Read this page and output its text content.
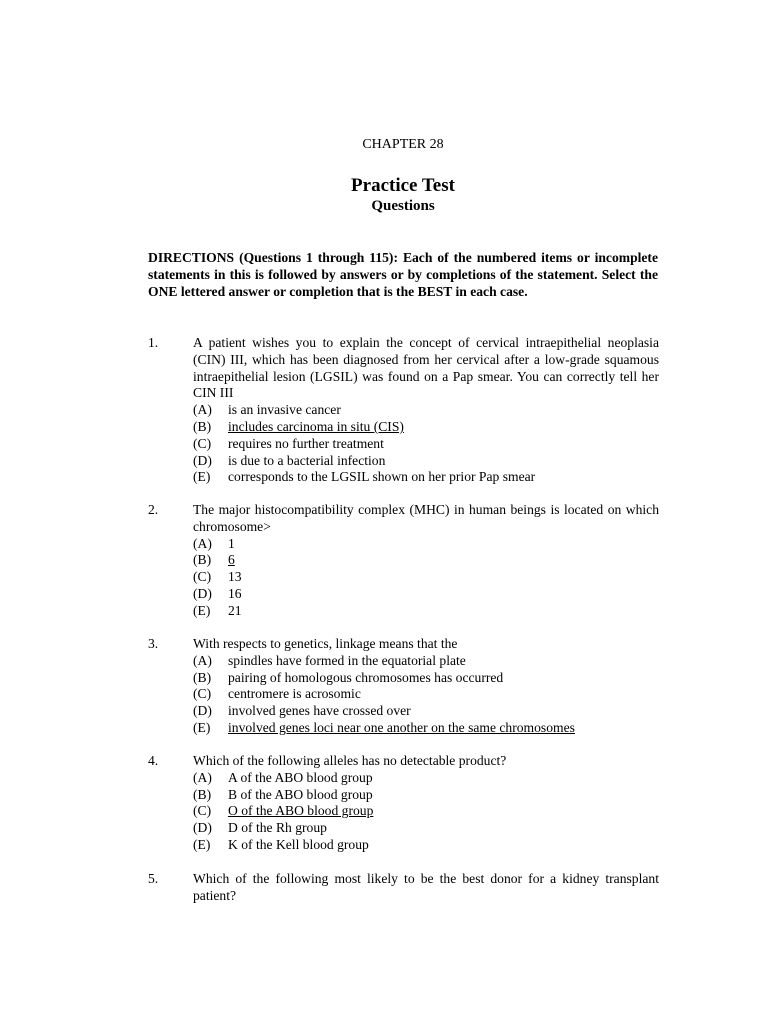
CHAPTER 28
Practice Test
Questions
DIRECTIONS (Questions 1 through 115): Each of the numbered items or incomplete statements in this is followed by answers or by completions of the statement. Select the ONE lettered answer or completion that is the BEST in each case.
1.	A patient wishes you to explain the concept of cervical intraepithelial neoplasia (CIN) III, which has been diagnosed from her cervical after a low-grade squamous intraepithelial lesion (LGSIL) was found on a Pap smear. You can correctly tell her CIN III
(A) is an invasive cancer
(B) includes carcinoma in situ (CIS)
(C) requires no further treatment
(D) is due to a bacterial infection
(E) corresponds to the LGSIL shown on her prior Pap smear
2.	The major histocompatibility complex (MHC) in human beings is located on which chromosome>
(A) 1
(B) 6
(C) 13
(D) 16
(E) 21
3.	With respects to genetics, linkage means that the
(A) spindles have formed in the equatorial plate
(B) pairing of homologous chromosomes has occurred
(C) centromere is acrosomic
(D) involved genes have crossed over
(E) involved genes loci near one another on the same chromosomes
4.	Which of the following alleles has no detectable product?
(A) A of the ABO blood group
(B) B of the ABO blood group
(C) O of the ABO blood group
(D) D of the Rh group
(E) K of the Kell blood group
5.	Which of the following most likely to be the best donor for a kidney transplant patient?
